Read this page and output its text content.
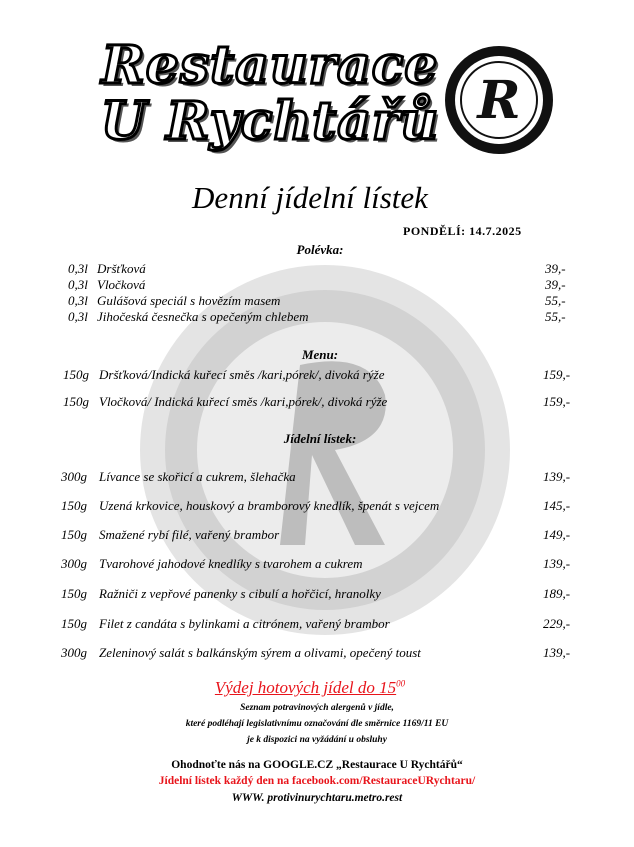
Restaurace
U Rychtářů R
Denní jídelní lístek
PONDĚLÍ: 14.7.2025
Polévka:
0,3l Dršťková	39,-
0,3l Vločková	39,-
0,3l Gulášová speciál s hovězím masem	55,-
0,3l Jihočeská česnečka s opečeným chlebem	55,-
Menu:
150g Dršťková/Indická kuřecí směs /kari,pórek/, divoká rýže	159,-
150g Vločková/ Indická kuřecí směs /kari,pórek/, divoká rýže	159,-
Jídelní lístek:
300g Lívance se skořicí a cukrem, šlehačka	139,-
150g Uzená krkovice, houskový a bramborový knedlík, špenát s vejcem	145,-
150g Smažené rybí filé, vařený brambor	149,-
300g Tvarohové jahodové knedlíky s tvarohem a cukrem	139,-
150g Ražniči z vepřové panenky s cibulí a hořčicí, hranolky	189,-
150g Filet z candáta s bylinkami a citrónem, vařený brambor	229,-
300g Zeleninový salát s balkánským sýrem a olivami, opečený toust	139,-
Výdej hotových jídel do $15^{00}$
Seznam potravinových alergenů v jídle,
které podléhají legislativnímu označování dle směrnice 1169/11 EU
je k dispozici na vyžádání u obsluhy
Ohodnoťte nás na GOOGLE.CZ „Restaurace U Rychtářů“
Jídelní lístek každý den na facebook.com/RestauraceURychtaru/
WWW. protivinurychtaru.metro.rest
